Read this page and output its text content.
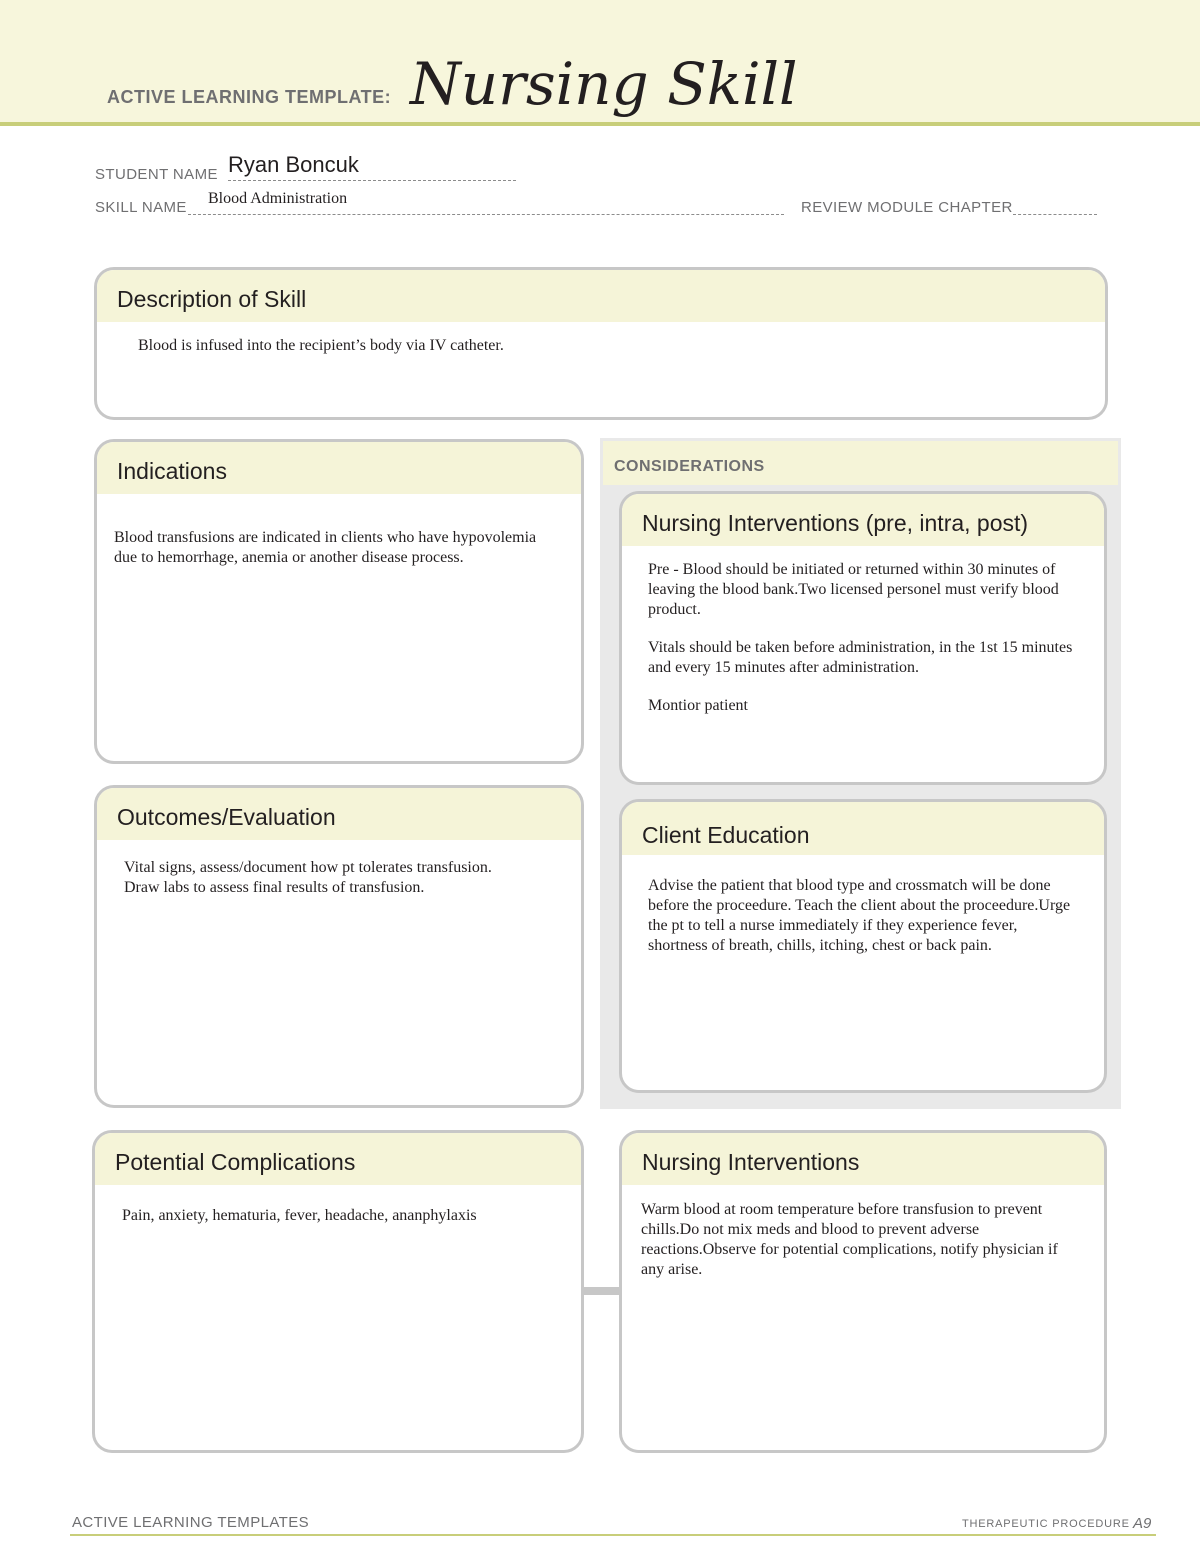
ACTIVE LEARNING TEMPLATE: Nursing Skill
STUDENT NAME Ryan Boncuk
SKILL NAME
Blood Administration
REVIEW MODULE CHAPTER
Description of Skill
Blood is infused into the recipient’s body via IV catheter.
Indications
Blood transfusions are indicated in clients who have hypovolemia due to hemorrhage, anemia or another disease process.
Outcomes/Evaluation
Vital signs, assess/document how pt tolerates transfusion.
Draw labs to assess final results of transfusion.
CONSIDERATIONS
Nursing Interventions (pre, intra, post)

Pre - Blood should be initiated or returned within 30 minutes of leaving the blood bank.Two licensed personel must verify blood product.

Vitals should be taken before administration, in the 1st 15 minutes and every 15 minutes after administration.

Montior patient

Client Education
Advise the patient that blood type and crossmatch will be done before the proceedure. Teach the client about the proceedure.Urge the pt to tell a nurse immediately if they experience fever, shortness of breath, chills, itching, chest or back pain.
Potential Complications
Pain, anxiety, hematuria, fever, headache, ananphylaxis
Nursing Interventions
Warm blood at room temperature before transfusion to prevent chills.Do not mix meds and blood to prevent adverse reactions.Observe for potential complications, notify physician if any arise.
ACTIVE LEARNING TEMPLATES	THERAPEUTIC PROCEDURE A9
